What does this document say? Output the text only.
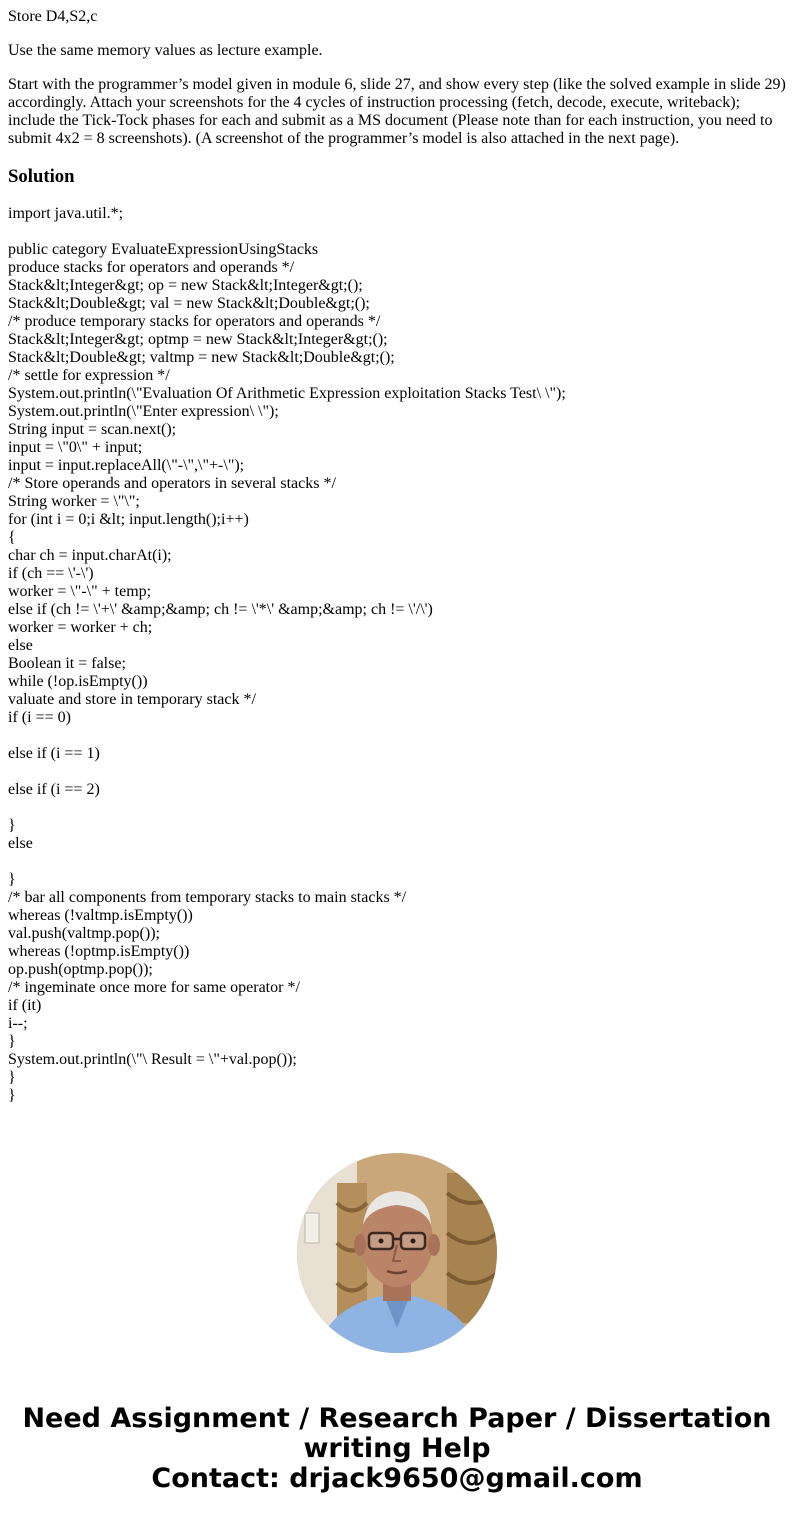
Store D4,S2,c
Use the same memory values as lecture example.

Start with the programmer’s model given in module 6, slide 27, and show every step (like the solved example in slide 29) accordingly. Attach your screenshots for the 4 cycles of instruction processing (fetch, decode, execute, writeback); include the Tick-Tock phases for each and submit as a MS document (Please note than for each instruction, you need to submit 4x2 = 8 screenshots). (A screenshot of the programmer’s model is also attached in the next page).

Solution
import java.util.*;
public category EvaluateExpressionUsingStacks
produce stacks for operators and operands */
Stack&lt;Integer&gt; op = new Stack&lt;Integer&gt;();
Stack&lt;Double&gt; val = new Stack&lt;Double&gt;();
/* produce temporary stacks for operators and operands */
Stack&lt;Integer&gt; optmp = new Stack&lt;Integer&gt;();
Stack&lt;Double&gt; valtmp = new Stack&lt;Double&gt;();
/* settle for expression */
System.out.println(\"Evaluation Of Arithmetic Expression exploitation Stacks Test\ \");
System.out.println(\"Enter expression\ \");
String input = scan.next();
input = \"0\" + input;
input = input.replaceAll(\"-\",\"+-\");
/* Store operands and operators in several stacks */
String worker = \"\";
for (int i = 0;i &lt; input.length();i++)
{
char ch = input.charAt(i);
if (ch == \'-\')
worker = \"-\" + temp;
else if (ch != \'+\' &amp;&amp; ch != \'*\' &amp;&amp; ch != \'/\')
worker = worker + ch;
else
Boolean it = false;
while (!op.isEmpty())
valuate and store in temporary stack */
if (i == 0)
else if (i == 1)
else if (i == 2)
}
else
}
/* bar all components from temporary stacks to main stacks */
whereas (!valtmp.isEmpty())
val.push(valtmp.pop());
whereas (!optmp.isEmpty())
op.push(optmp.pop());
/* ingeminate once more for same operator */
if (it)
i--;
}
System.out.println(\"\ Result = \"+val.pop());
}
}
Need Assignment / Research Paper / Dissertation
writing Help
Contact: drjack9650@gmail.com
